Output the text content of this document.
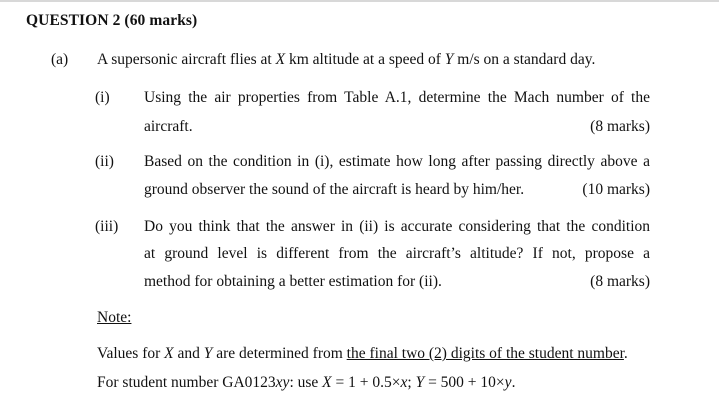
QUESTION 2 (60 marks)
(a) A supersonic aircraft flies at X km altitude at a speed of Y m/s on a standard day.
(i) Using the air properties from Table A.1, determine the Mach number of the
aircraft.	(8 marks)
(ii) Based on the condition in (i), estimate how long after passing directly above a
ground observer the sound of the aircraft is heard by him/her.	(10 marks)
(iii) Do you think that the answer in (ii) is accurate considering that the condition
at ground level is different from the aircraft’s altitude? If not, propose a
method for obtaining a better estimation for (ii).	(8 marks)
Note:
Values for X and Y are determined from the final two (2) digits of the student number.
For student number GA0123xy: use X = 1 + 0.5×x; Y = 500 + 10×y.
